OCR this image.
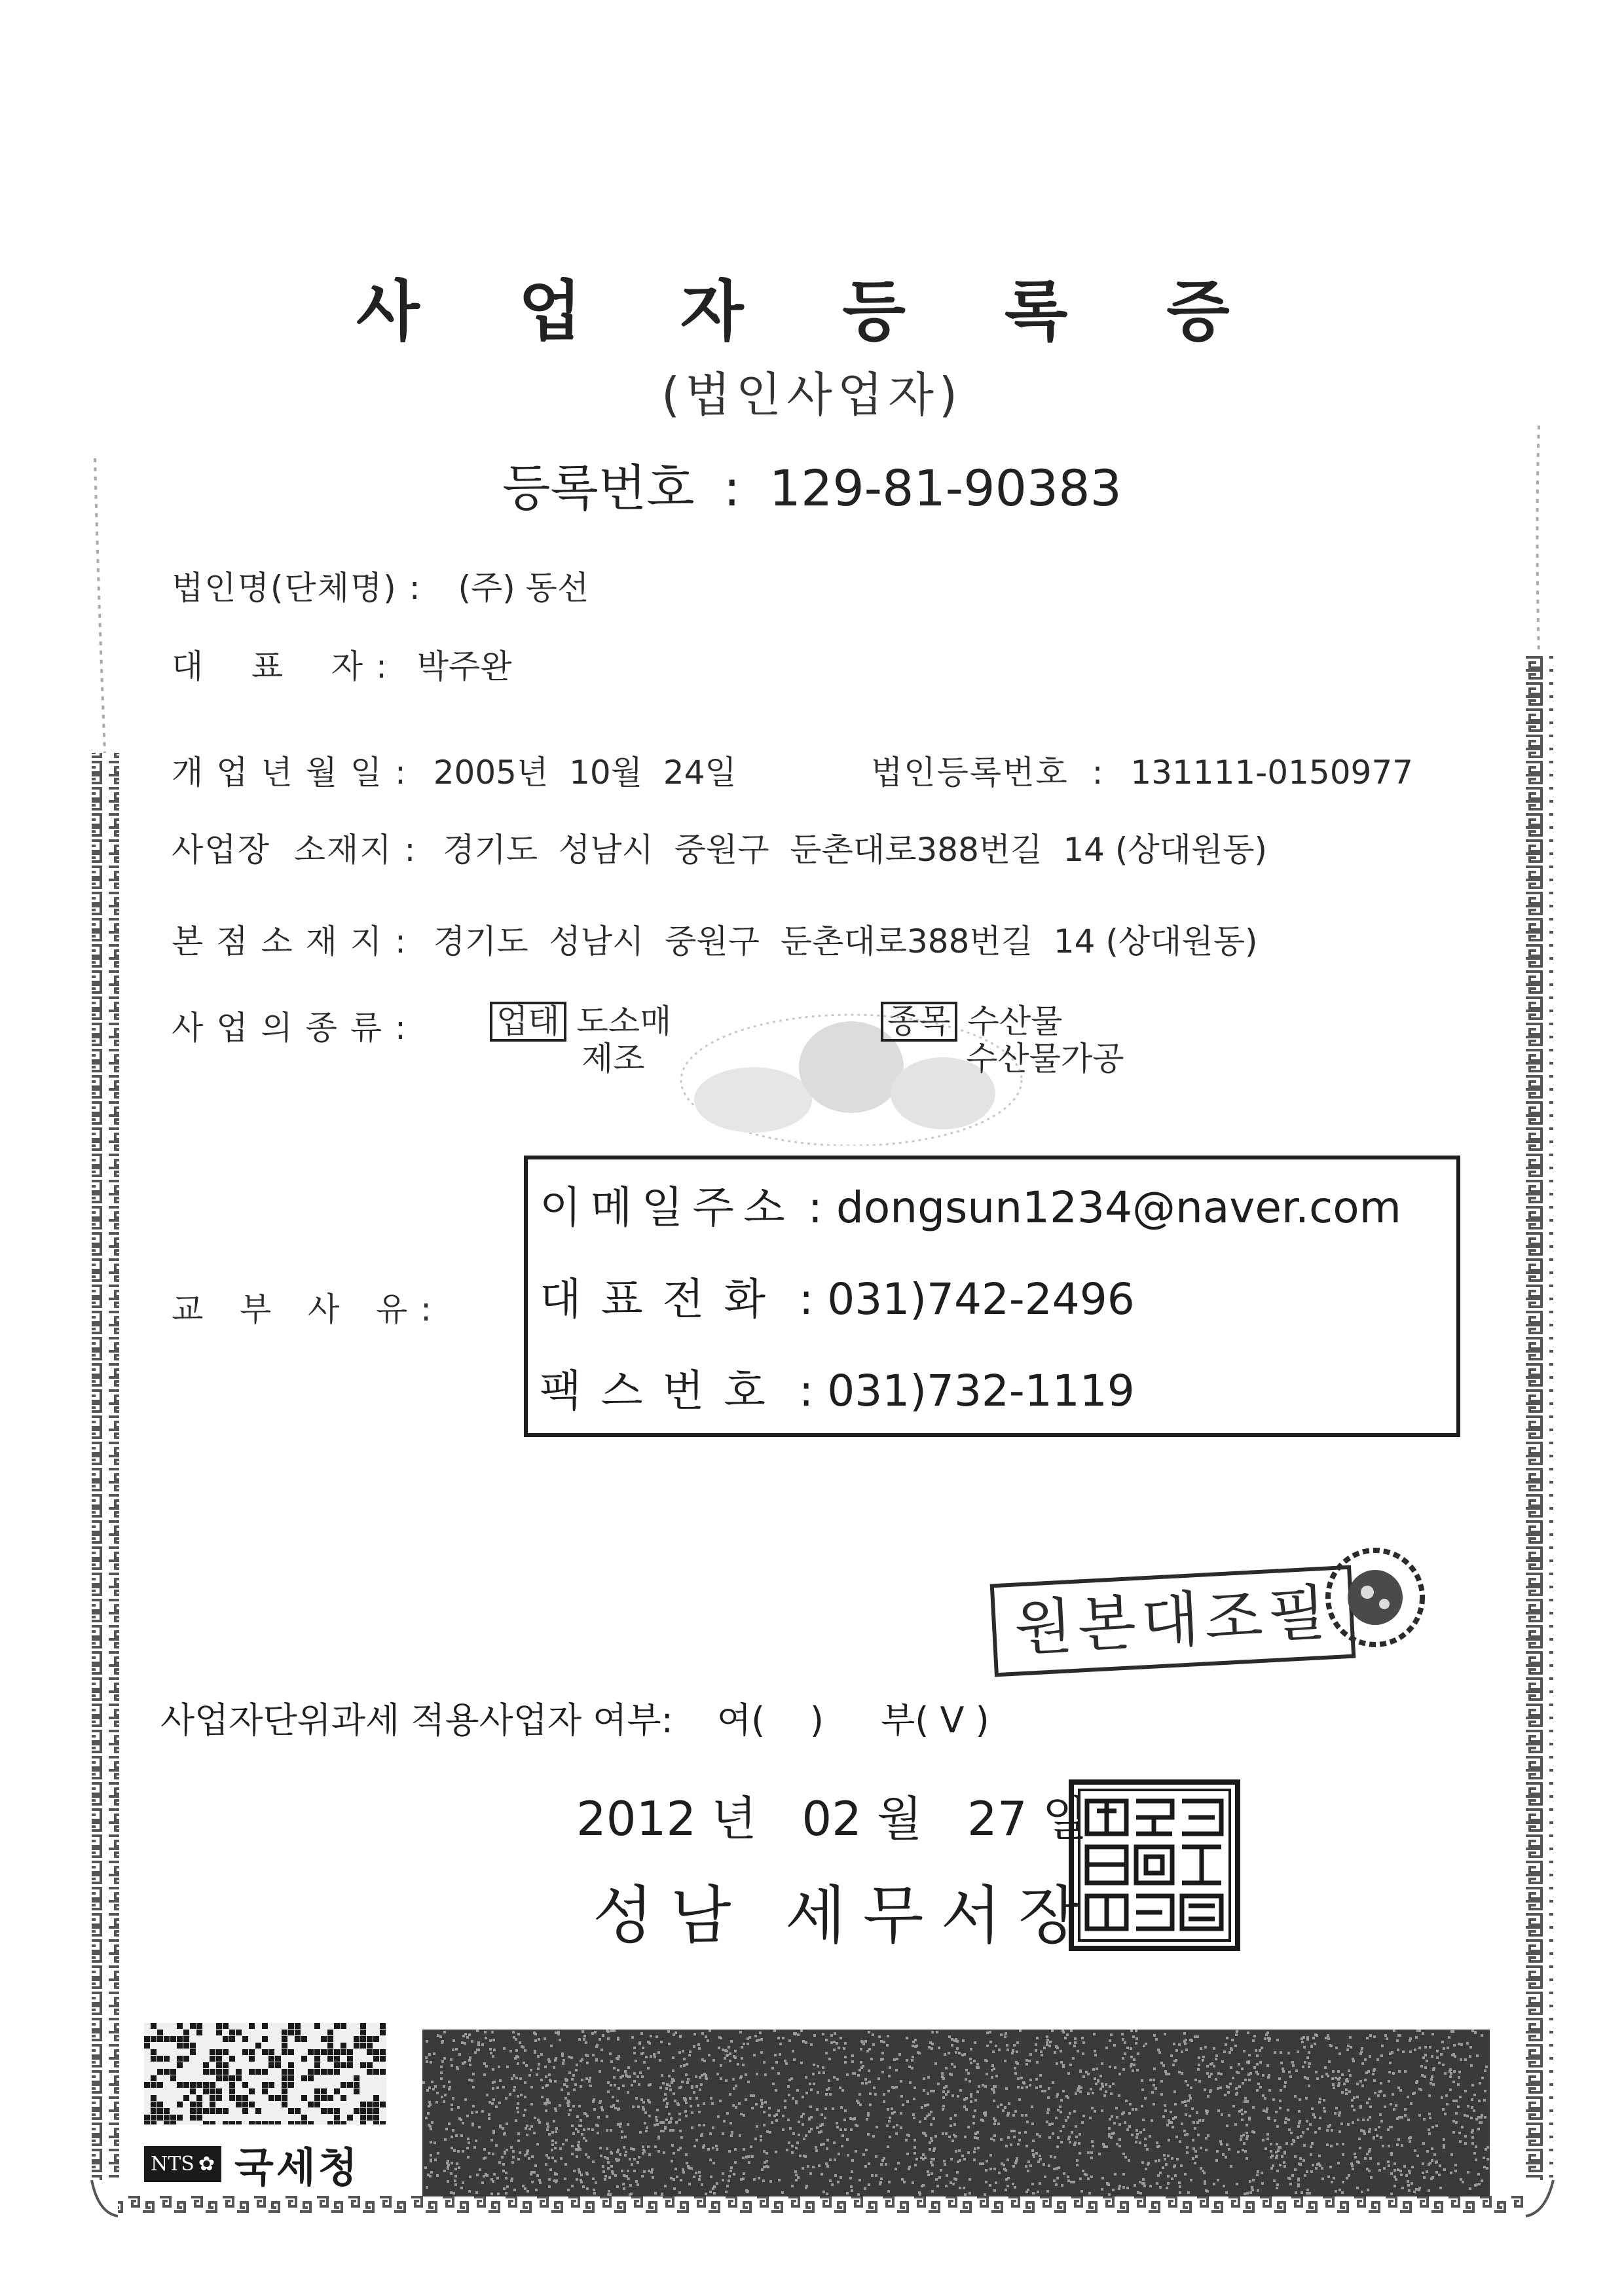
사 업 자 등 록 증
(법인사업자)
등록번호 : 129-81-90383
법인명(단체명) : (주) 동선
대    표    자 : 박주완
개 업 년 월 일 : 2005년  10월  24일	법인등록번호  : 131111-0150977
사업장  소재지 : 경기도  성남시  중원구  둔촌대로388번길  14 (상대원동)
본 점 소 재 지 : 경기도  성남시  중원구  둔촌대로388번길  14 (상대원동)
사 업 의 종 류 :	업태 도소매
제조
종목 수산물
수산물가공
교   부   사   유 :
이메일주소 : dongsun1234@naver.com
대표전화 : 031)742-2496
팩스번호 : 031)732-1119
원본대조필
사업자단위과세 적용사업자 여부: 여(    ) 부( V )
2012 년   02 월   27 일
성남 세무서장
NTS ✿ 국세청
